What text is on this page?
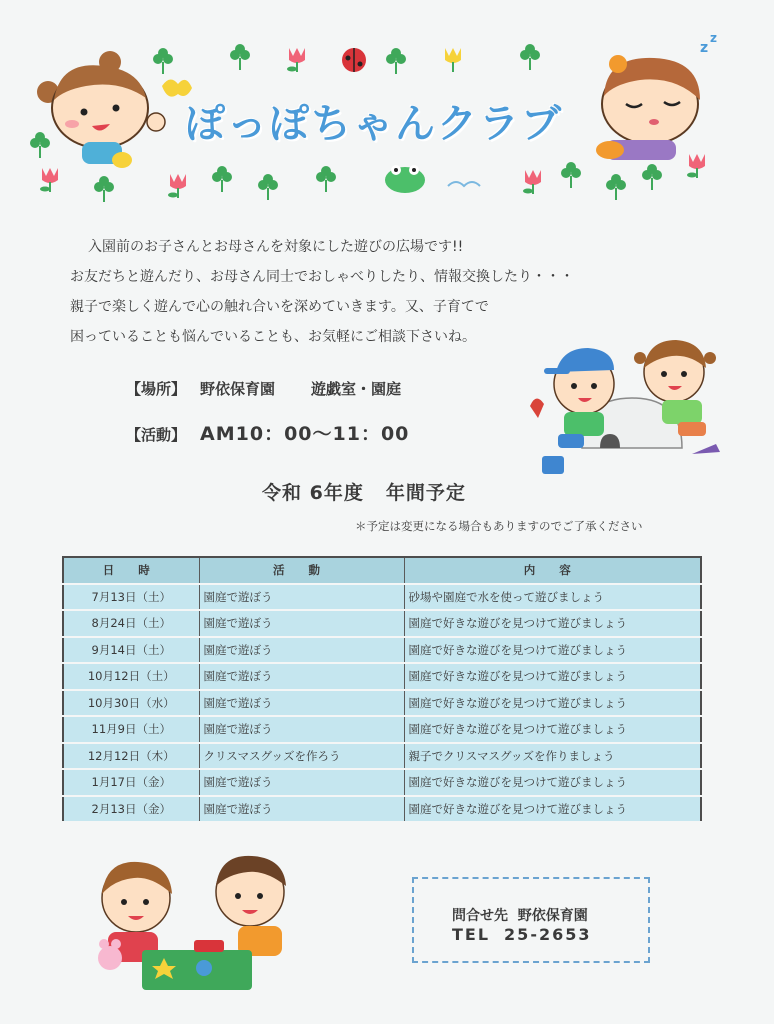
z
z
ぽっぽちゃんクラブ
入園前のお子さんとお母さんを対象にした遊びの広場です!!
お友だちと遊んだり、お母さん同士でおしゃべりしたり、情報交換したり・・・
親子で楽しく遊んで心の触れ合いを深めていきます。又、子育てで
困っていることも悩んでいることも、お気軽にご相談下さいね。
【場所】 野依保育園 遊戯室・園庭
【活動】 AM10：00～11：00
令和 6年度 年間予定
＊予定は変更になる場合もありますのでご了承ください
日 時	活 動	内 容
7月13日（土）	園庭で遊ぼう	砂場や園庭で水を使って遊びましょう
8月24日（土）	園庭で遊ぼう	園庭で好きな遊びを見つけて遊びましょう
9月14日（土）	園庭で遊ぼう	園庭で好きな遊びを見つけて遊びましょう
10月12日（土）	園庭で遊ぼう	園庭で好きな遊びを見つけて遊びましょう
10月30日（水）	園庭で遊ぼう	園庭で好きな遊びを見つけて遊びましょう
11月9日（土）	園庭で遊ぼう	園庭で好きな遊びを見つけて遊びましょう
12月12日（木）	クリスマスグッズを作ろう	親子でクリスマスグッズを作りましょう
1月17日（金）	園庭で遊ぼう	園庭で好きな遊びを見つけて遊びましょう
2月13日（金）	園庭で遊ぼう	園庭で好きな遊びを見つけて遊びましょう
問合せ先 野依保育園
TEL 25-2653
